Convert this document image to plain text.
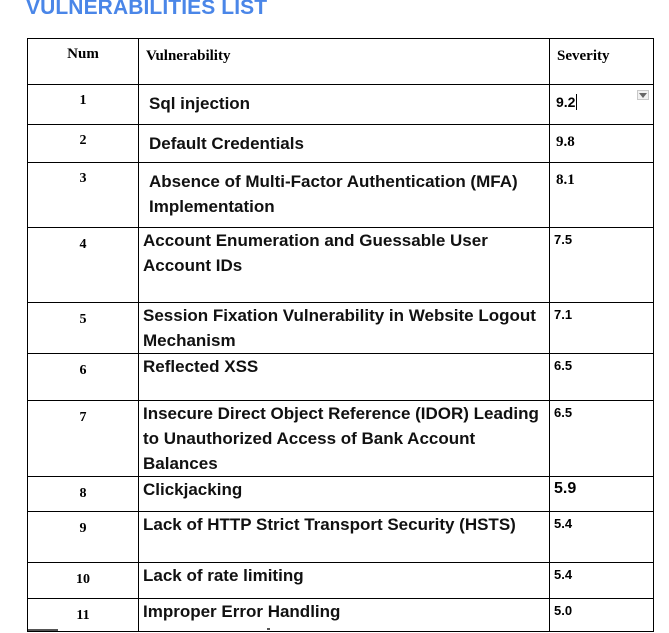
VULNERABILITIES LIST
Num	Vulnerability	Severity
1	Sql injection	9.2

2	Default Credentials	9.8
3	Absence of Multi-Factor Authentication (MFA) Implementation	8.1
4	Account Enumeration and Guessable User Account IDs	7.5
5	Session Fixation Vulnerability in Website Logout Mechanism	7.1
6	Reflected XSS	6.5
7	Insecure Direct Object Reference (IDOR) Leading to Unauthorized Access of Bank Account Balances	6.5
8	Clickjacking	5.9
9	Lack of HTTP Strict Transport Security (HSTS)	5.4
10	Lack of rate limiting	5.4
11	Improper Error Handling	5.0
